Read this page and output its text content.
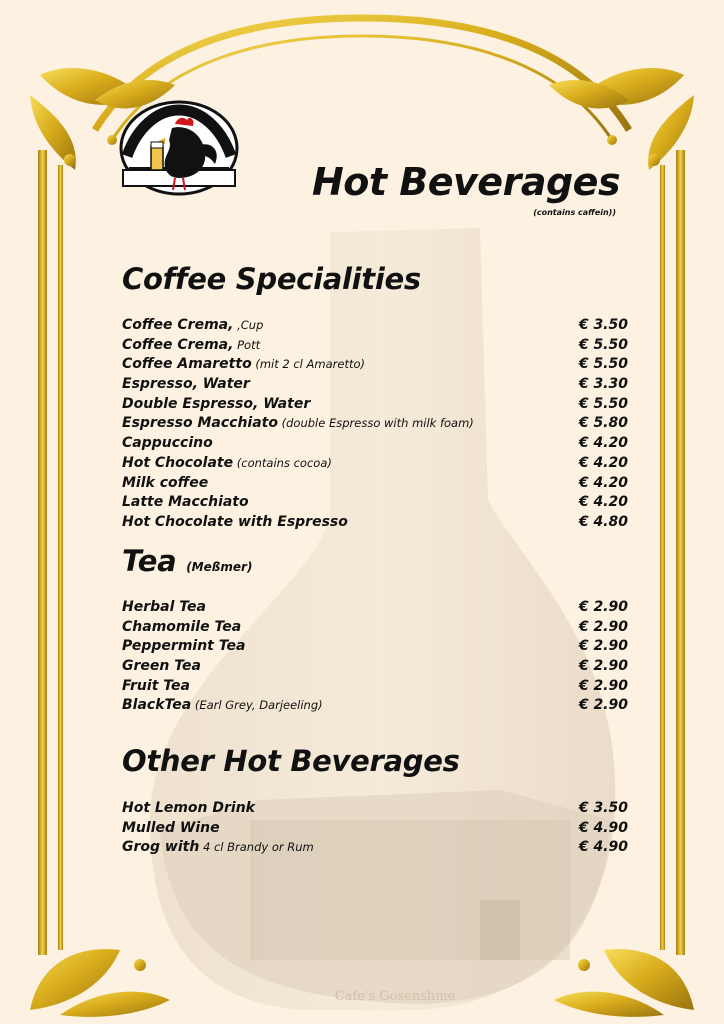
Cafe's Gosenshme
Hot Beverages
(contains caffein))
Coffee Specialities
Coffee Crema, ,Cup	€ 3.50
Coffee Crema, Pott	€ 5.50
Coffee Amaretto (mit 2 cl Amaretto)	€ 5.50
Espresso, Water	€ 3.30
Double Espresso, Water	€ 5.50
Espresso Macchiato (double Espresso with milk foam)	€ 5.80
Cappuccino	€ 4.20
Hot Chocolate (contains cocoa)	€ 4.20
Milk coffee	€ 4.20
Latte Macchiato	€ 4.20
Hot Chocolate with Espresso	€ 4.80
Tea (Meßmer)
Herbal Tea	€ 2.90
Chamomile Tea	€ 2.90
Peppermint Tea	€ 2.90
Green Tea	€ 2.90
Fruit Tea	€ 2.90
BlackTea (Earl Grey, Darjeeling)	€ 2.90
Other Hot Beverages
Hot Lemon Drink	€ 3.50
Mulled Wine	€ 4.90
Grog with 4 cl Brandy or Rum	€ 4.90
